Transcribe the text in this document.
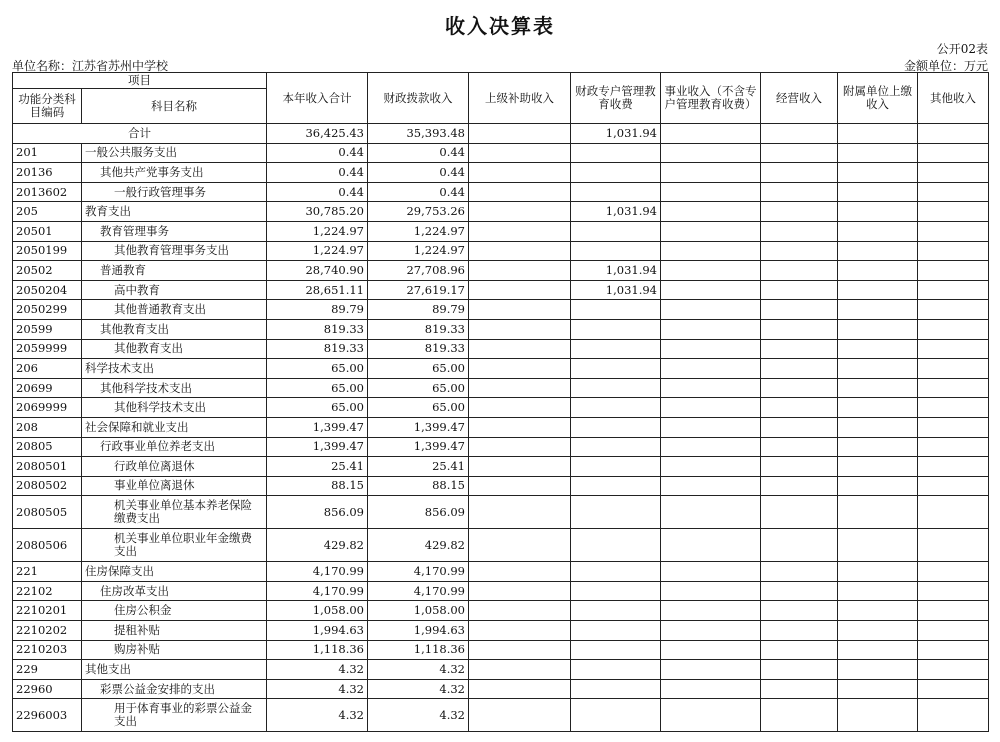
收入决算表
公开02表
单位名称：江苏省苏州中学校	金额单位：万元
项目		本年收入合计	财政拨款收入	上级补助收入	财政专户管理教育收费	事业收入（不含专户管理教育收费）	经营收入	附属单位上缴收入	其他收入
功能分类科目编码	科目名称								
合计		36,425.43	35,393.48		1,031.94				
201	一般公共服务支出	0.44	0.44						
20136	其他共产党事务支出	0.44	0.44						
2013602	一般行政管理事务	0.44	0.44						
205	教育支出	30,785.20	29,753.26		1,031.94				
20501	教育管理事务	1,224.97	1,224.97						
2050199	其他教育管理事务支出	1,224.97	1,224.97						
20502	普通教育	28,740.90	27,708.96		1,031.94				
2050204	高中教育	28,651.11	27,619.17		1,031.94				
2050299	其他普通教育支出	89.79	89.79						
20599	其他教育支出	819.33	819.33						
2059999	其他教育支出	819.33	819.33						
206	科学技术支出	65.00	65.00						
20699	其他科学技术支出	65.00	65.00						
2069999	其他科学技术支出	65.00	65.00						
208	社会保障和就业支出	1,399.47	1,399.47						
20805	行政事业单位养老支出	1,399.47	1,399.47						
2080501	行政单位离退休	25.41	25.41						
2080502	事业单位离退休	88.15	88.15						
2080505	机关事业单位基本养老保险缴费支出	856.09	856.09						
2080506	机关事业单位职业年金缴费支出	429.82	429.82						
221	住房保障支出	4,170.99	4,170.99						
22102	住房改革支出	4,170.99	4,170.99						
2210201	住房公积金	1,058.00	1,058.00						
2210202	提租补贴	1,994.63	1,994.63						
2210203	购房补贴	1,118.36	1,118.36						
229	其他支出	4.32	4.32						
22960	彩票公益金安排的支出	4.32	4.32						
2296003	用于体育事业的彩票公益金支出	4.32	4.32						
